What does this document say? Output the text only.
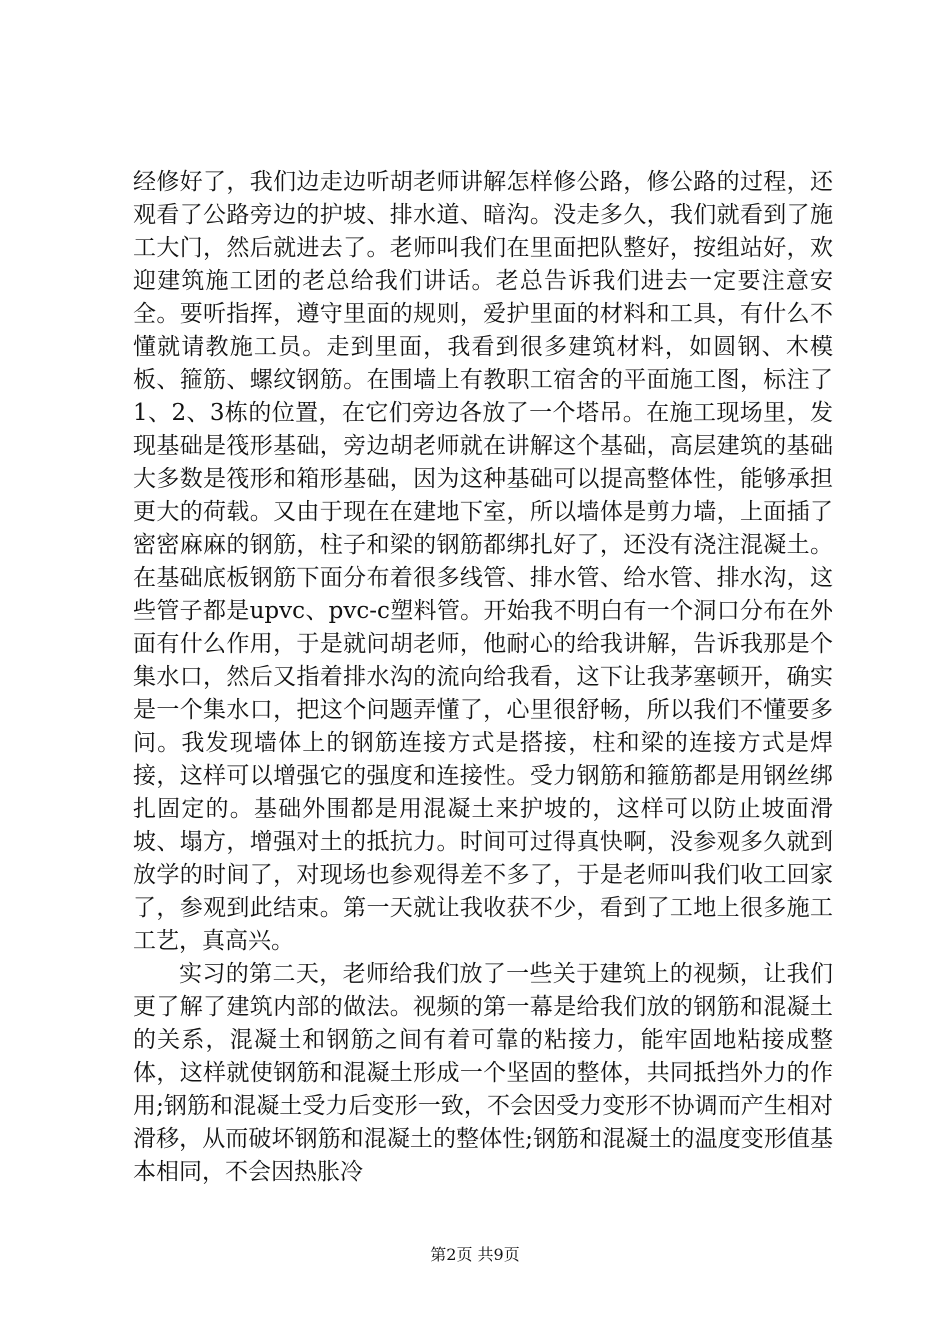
经修好了，我们边走边听胡老师讲解怎样修公路，修公路的过程，还观看了公路旁边的护坡、排水道、暗沟。没走多久，我们就看到了施工大门，然后就进去了。老师叫我们在里面把队整好，按组站好，欢迎建筑施工团的老总给我们讲话。老总告诉我们进去一定要注意安全。要听指挥，遵守里面的规则，爱护里面的材料和工具，有什么不懂就请教施工员。走到里面，我看到很多建筑材料，如圆钢、木模板、箍筋、螺纹钢筋。在围墙上有教职工宿舍的平面施工图，标注了1、2、3栋的位置，在它们旁边各放了一个塔吊。在施工现场里，发现基础是筏形基础，旁边胡老师就在讲解这个基础，高层建筑的基础大多数是筏形和箱形基础，因为这种基础可以提高整体性，能够承担更大的荷载。又由于现在在建地下室，所以墙体是剪力墙，上面插了密密麻麻的钢筋，柱子和梁的钢筋都绑扎好了，还没有浇注混凝土。在基础底板钢筋下面分布着很多线管、排水管、给水管、排水沟，这些管子都是upvc、pvc-c塑料管。开始我不明白有一个洞口分布在外面有什么作用，于是就问胡老师，他耐心的给我讲解，告诉我那是个集水口，然后又指着排水沟的流向给我看，这下让我茅塞顿开，确实是一个集水口，把这个问题弄懂了，心里很舒畅，所以我们不懂要多问。我发现墙体上的钢筋连接方式是搭接，柱和梁的连接方式是焊接，这样可以增强它的强度和连接性。受力钢筋和箍筋都是用钢丝绑扎固定的。基础外围都是用混凝土来护坡的，这样可以防止坡面滑坡、塌方，增强对土的抵抗力。时间可过得真快啊，没参观多久就到放学的时间了，对现场也参观得差不多了，于是老师叫我们收工回家了，参观到此结束。第一天就让我收获不少，看到了工地上很多施工工艺，真高兴。

实习的第二天，老师给我们放了一些关于建筑上的视频，让我们更了解了建筑内部的做法。视频的第一幕是给我们放的钢筋和混凝土的关系，混凝土和钢筋之间有着可靠的粘接力，能牢固地粘接成整体，这样就使钢筋和混凝土形成一个坚固的整体，共同抵挡外力的作用;钢筋和混凝土受力后变形一致，不会因受力变形不协调而产生相对滑移，从而破坏钢筋和混凝土的整体性;钢筋和混凝土的温度变形值基本相同，不会因热胀冷

第2页 共9页
